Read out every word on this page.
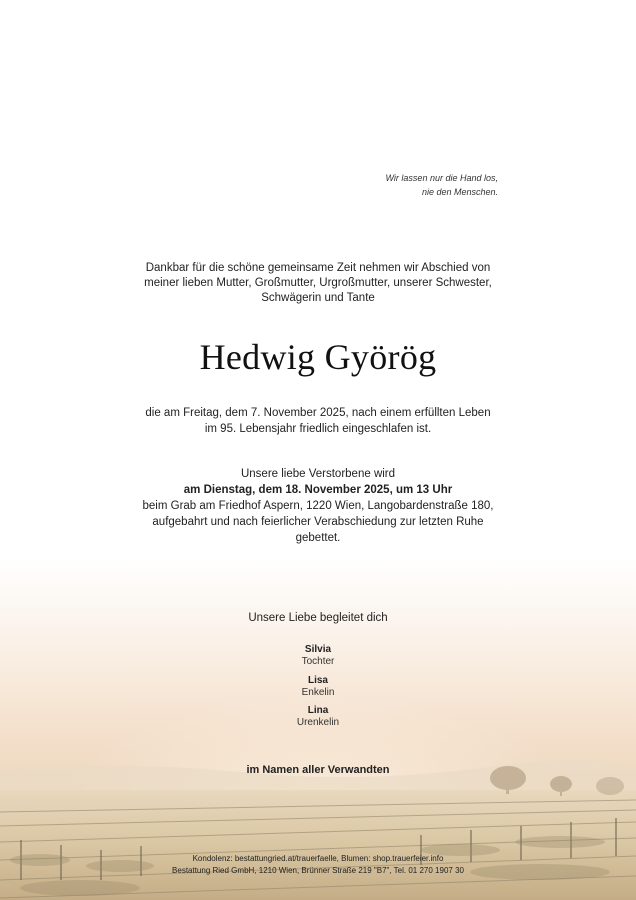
Wir lassen nur die Hand los,
nie den Menschen.
Dankbar für die schöne gemeinsame Zeit nehmen wir Abschied von
meiner lieben Mutter, Großmutter, Urgroßmutter, unserer Schwester,
Schwägerin und Tante
Hedwig Györög
die am Freitag, dem 7. November 2025, nach einem erfüllten Leben
im 95. Lebensjahr friedlich eingeschlafen ist.
Unsere liebe Verstorbene wird
am Dienstag, dem 18. November 2025, um 13 Uhr
beim Grab am Friedhof Aspern, 1220 Wien, Langobardenstraße 180,
aufgebahrt und nach feierlicher Verabschiedung zur letzten Ruhe
gebettet.
Unsere Liebe begleitet dich
Silvia
Tochter
Lisa
Enkelin
Lina
Urenkelin
im Namen aller Verwandten
Kondolenz: bestattungried.at/trauerfaelle, Blumen: shop.trauerfeier.info
Bestattung Ried GmbH, 1210 Wien, Brünner Straße 219 "B7", Tel. 01 270 1907 30
